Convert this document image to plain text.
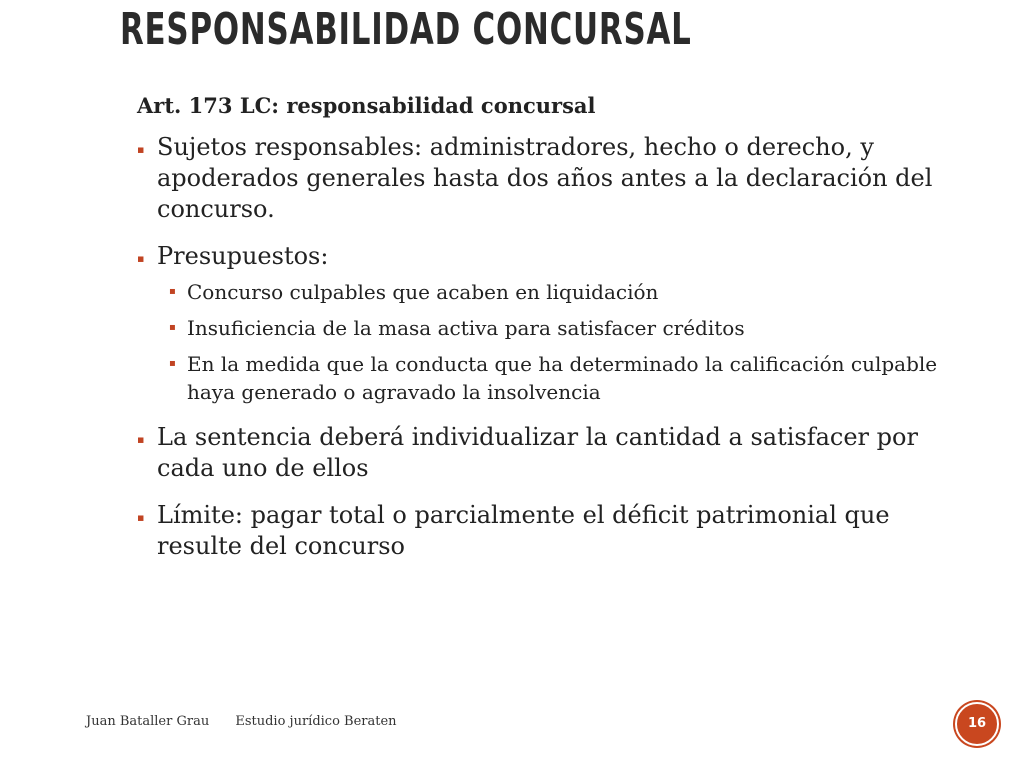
RESPONSABILIDAD CONCURSAL

Art. 173 LC: responsabilidad concursal

▪ Sujetos responsables: administradores, hecho o derecho, y apoderados generales hasta dos años antes a la declaración del concurso.
▪ Presupuestos:
▪ Concurso culpables que acaben en liquidación
▪ Insuficiencia de la masa activa para satisfacer créditos
▪ En la medida que la conducta que ha determinado la calificación culpable haya generado o agravado la insolvencia
▪ La sentencia deberá individualizar la cantidad a satisfacer por cada uno de ellos
▪ Límite: pagar total o parcialmente el déficit patrimonial que resulte del concurso
Juan Bataller Grau Estudio jurídico Beraten	16
